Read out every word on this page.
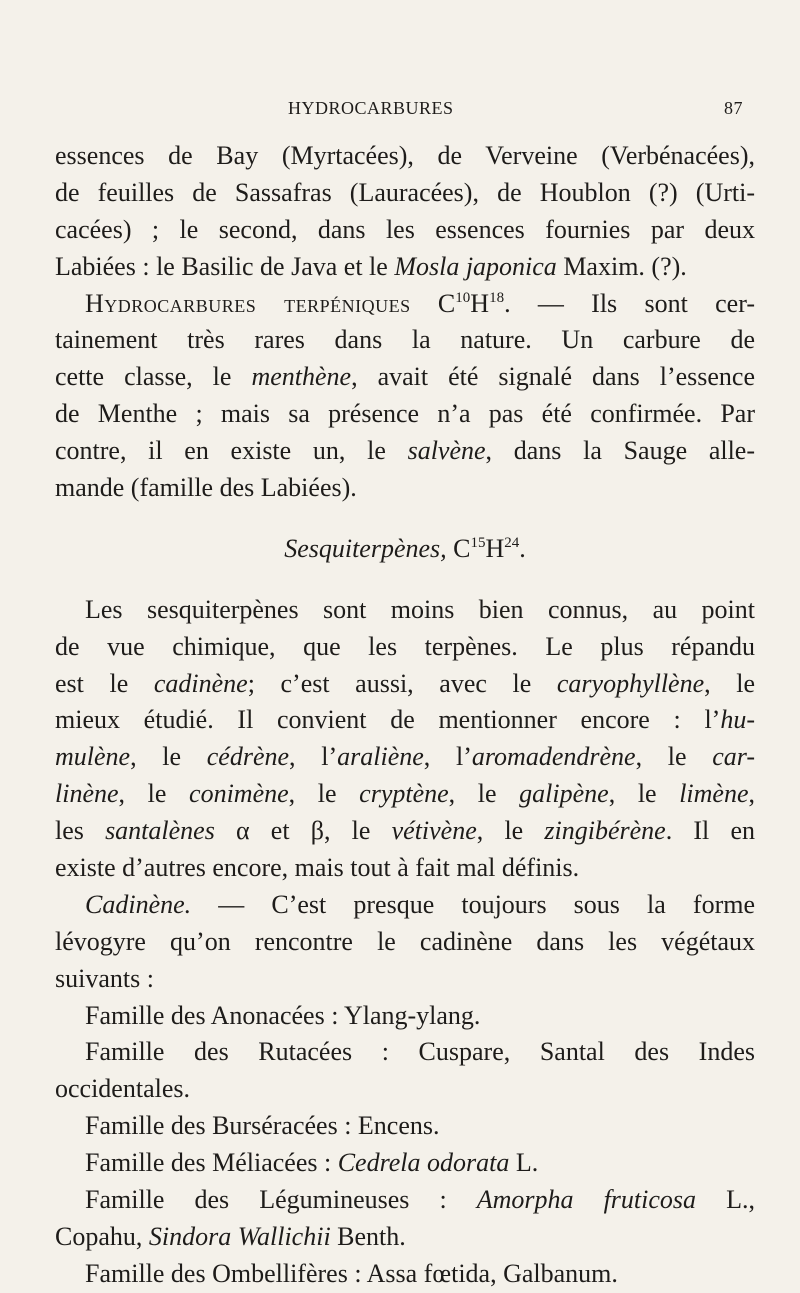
HYDROCARBURES	87
essences de Bay (Myrtacées), de Verveine (Verbénacées),
de feuilles de Sassafras (Lauracées), de Houblon (?) (Urti-
cacées) ; le second, dans les essences fournies par deux
Labiées : le Basilic de Java et le Mosla japonica Maxim. (?).
Hydrocarbures terpéniques $C^{10}H^{18}$. — Ils sont cer-
tainement très rares dans la nature. Un carbure de
cette classe, le menthène, avait été signalé dans l’essence
de Menthe ; mais sa présence n’a pas été confirmée. Par
contre, il en existe un, le salvène, dans la Sauge alle-
mande (famille des Labiées).
Sesquiterpènes, $C^{15}H^{24}$.
Les sesquiterpènes sont moins bien connus, au point
de vue chimique, que les terpènes. Le plus répandu
est le cadinène; c’est aussi, avec le caryophyllène, le
mieux étudié. Il convient de mentionner encore : l’hu-
mulène, le cédrène, l’araliène, l’aromadendrène, le car-
linène, le conimène, le cryptène, le galipène, le limène,
les santalènes α et β, le vétivène, le zingibérène. Il en
existe d’autres encore, mais tout à fait mal définis.
Cadinène. — C’est presque toujours sous la forme
lévogyre qu’on rencontre le cadinène dans les végétaux
suivants :
Famille des Anonacées : Ylang-ylang.
Famille des Rutacées : Cuspare, Santal des Indes
occidentales.
Famille des Burséracées : Encens.
Famille des Méliacées : Cedrela odorata L.
Famille des Légumineuses : Amorpha fruticosa L.,
Copahu, Sindora Wallichii Benth.
Famille des Ombellifères : Assa fœtida, Galbanum.
